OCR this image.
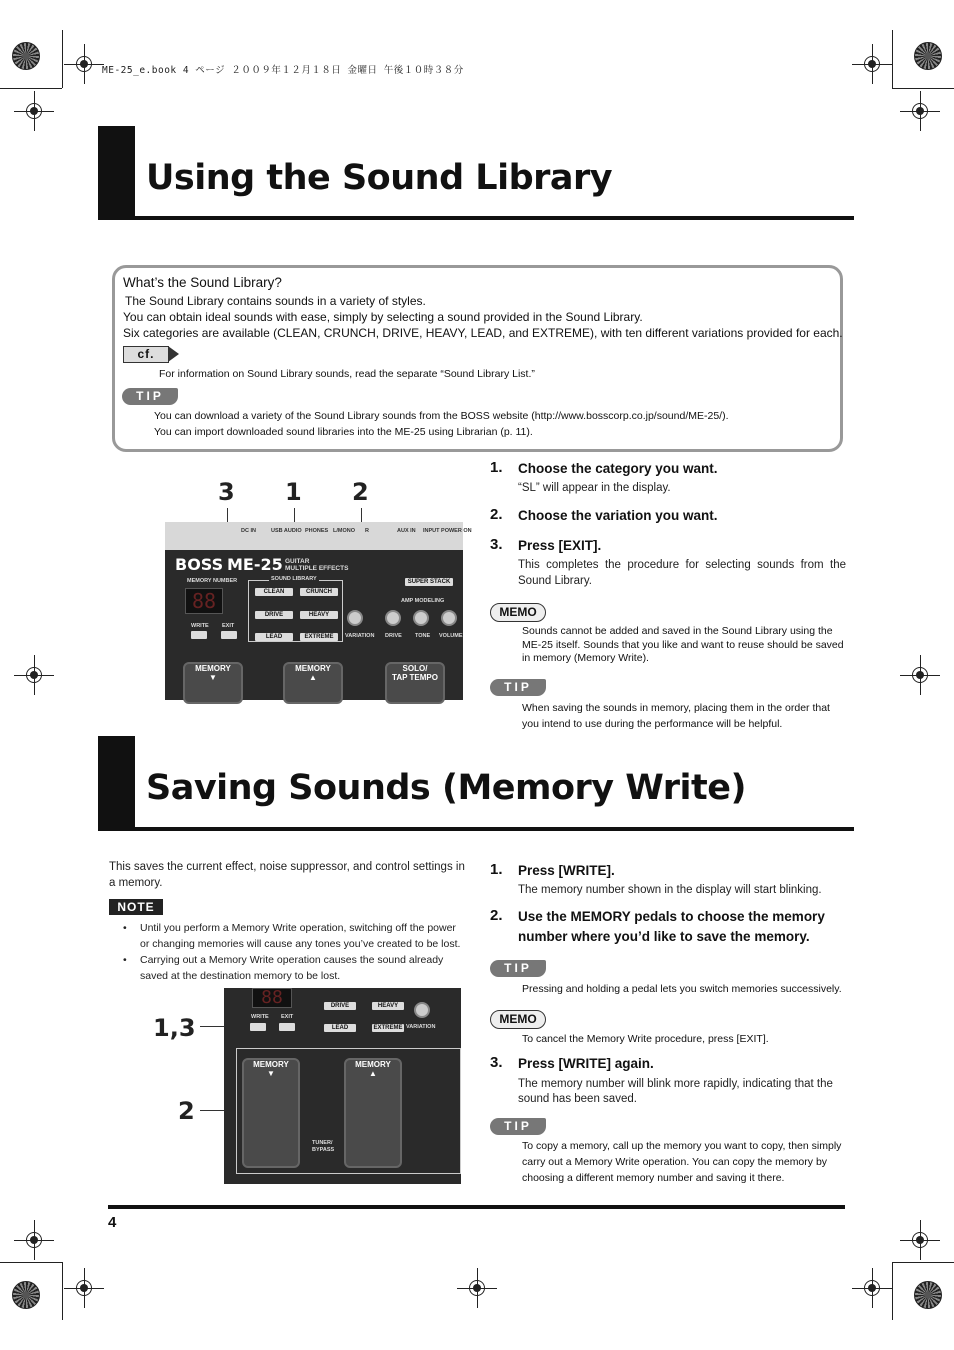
ME-25_e.book 4 ページ ２００９年１２月１８日 金曜日 午後１０時３８分
Using the Sound Library
What’s the Sound Library?
The Sound Library contains sounds in a variety of styles.
You can obtain ideal sounds with ease, simply by selecting a sound provided in the Sound Library.
Six categories are available (CLEAN, CRUNCH, DRIVE, HEAVY, LEAD, and EXTREME), with ten different variations provided for each.
cf.
For information on Sound Library sounds, read the separate “Sound Library List.”
TIP
You can download a variety of the Sound Library sounds from the BOSS website (http://www.bosscorp.co.jp/sound/ME-25/).
You can import downloaded sound libraries into the ME-25 using Librarian (p. 11).
3 1 2
DC IN	USB AUDIO PHONES L/MONO R	AUX IN INPUT POWER ON
BOSS ME-25 GUITAR
MULTIPLE EFFECTS
MEMORY NUMBER
88
SOUND LIBRARY
CLEAN	CRUNCH
DRIVE	HEAVY
LEAD	EXTREME
SUPER STACK
AMP MODELING
VARIATION DRIVE TONE VOLUME
WRITE EXIT
MEMORY
▼
MEMORY
▲
SOLO/
TAP TEMPO
1. Choose the category you want.
“SL” will appear in the display.
2. Choose the variation you want.
3. Press [EXIT].
This completes the procedure for selecting sounds from the Sound Library.
MEMO
Sounds cannot be added and saved in the Sound Library using the ME-25 itself. Sounds that you like and want to reuse should be saved in memory (Memory Write).
TIP
When saving the sounds in memory, placing them in the order that you intend to use during the performance will be helpful.
Saving Sounds (Memory Write)
This saves the current effect, noise suppressor, and control settings in a memory.
NOTE
• Until you perform a Memory Write operation, switching off the power or changing memories will cause any tones you’ve created to be lost.
• Carrying out a Memory Write operation causes the sound already saved at the destination memory to be lost.
1,3
2
88	DRIVE	HEAVY
LEAD	EXTREME VARIATION
WRITE EXIT
MEMORY
▼
MEMORY
▲
TUNER/
BYPASS
1. Press [WRITE].
The memory number shown in the display will start blinking.
2. Use the MEMORY pedals to choose the memory number where you’d like to save the memory.
TIP
Pressing and holding a pedal lets you switch memories successively.
MEMO
To cancel the Memory Write procedure, press [EXIT].
3. Press [WRITE] again.
The memory number will blink more rapidly, indicating that the sound has been saved.
TIP
To copy a memory, call up the memory you want to copy, then simply carry out a Memory Write operation. You can copy the memory by choosing a different memory number and saving it there.
4
